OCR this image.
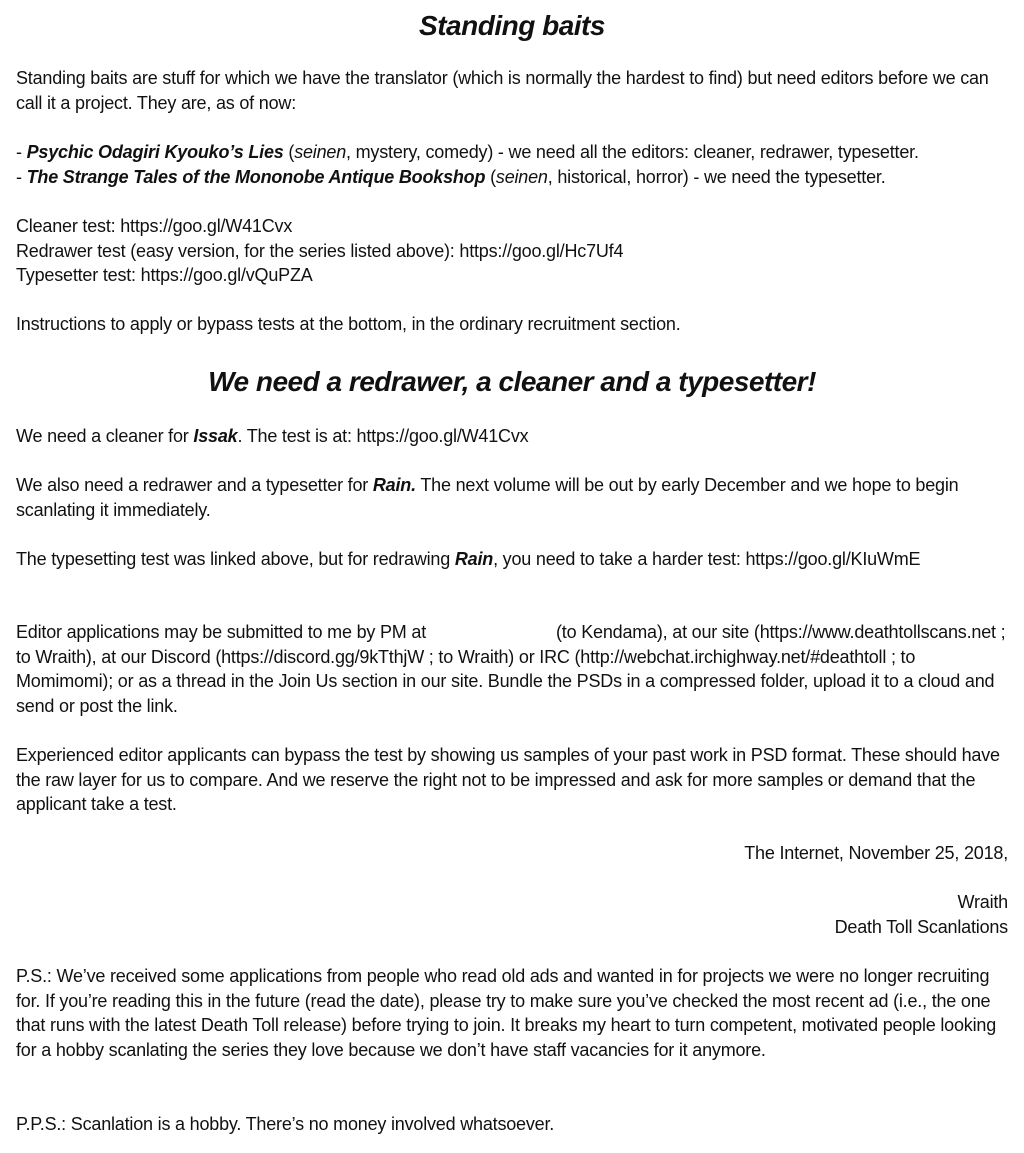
Standing baits

Standing baits are stuff for which we have the translator (which is normally the hardest to find) but need editors before we can call it a project. They are, as of now:

- Psychic Odagiri Kyouko’s Lies (seinen, mystery, comedy) - we need all the editors: cleaner, redrawer, typesetter.

- The Strange Tales of the Mononobe Antique Bookshop (seinen, historical, horror) - we need the typesetter.

Cleaner test: https://goo.gl/W41Cvx

Redrawer test (easy version, for the series listed above): https://goo.gl/Hc7Uf4

Typesetter test: https://goo.gl/vQuPZA

Instructions to apply or bypass tests at the bottom, in the ordinary recruitment section.

We need a redrawer, a cleaner and a typesetter!

We need a cleaner for Issak. The test is at: https://goo.gl/W41Cvx

We also need a redrawer and a typesetter for Rain. The next volume will be out by early December and we hope to begin scanlating it immediately.

The typesetting test was linked above, but for redrawing Rain, you need to take a harder test: https://goo.gl/KIuWmE

Editor applications may be submitted to me by PM at	(to Kendama), at our site (https://www.deathtollscans.net ; to Wraith), at our Discord (https://discord.gg/9kTthjW ; to Wraith) or IRC (http://webchat.irchighway.net/#deathtoll ; to Momimomi); or as a thread in the Join Us section in our site. Bundle the PSDs in a compressed folder, upload it to a cloud and send or post the link.

Experienced editor applicants can bypass the test by showing us samples of your past work in PSD format. These should have the raw layer for us to compare. And we reserve the right not to be impressed and ask for more samples or demand that the applicant take a test.

The Internet, November 25, 2018,

Wraith

Death Toll Scanlations

P.S.: We’ve received some applications from people who read old ads and wanted in for projects we were no longer recruiting for. If you’re reading this in the future (read the date), please try to make sure you’ve checked the most recent ad (i.e., the one that runs with the latest Death Toll release) before trying to join. It breaks my heart to turn competent, motivated people looking for a hobby scanlating the series they love because we don’t have staff vacancies for it anymore.

P.P.S.: Scanlation is a hobby. There’s no money involved whatsoever.
